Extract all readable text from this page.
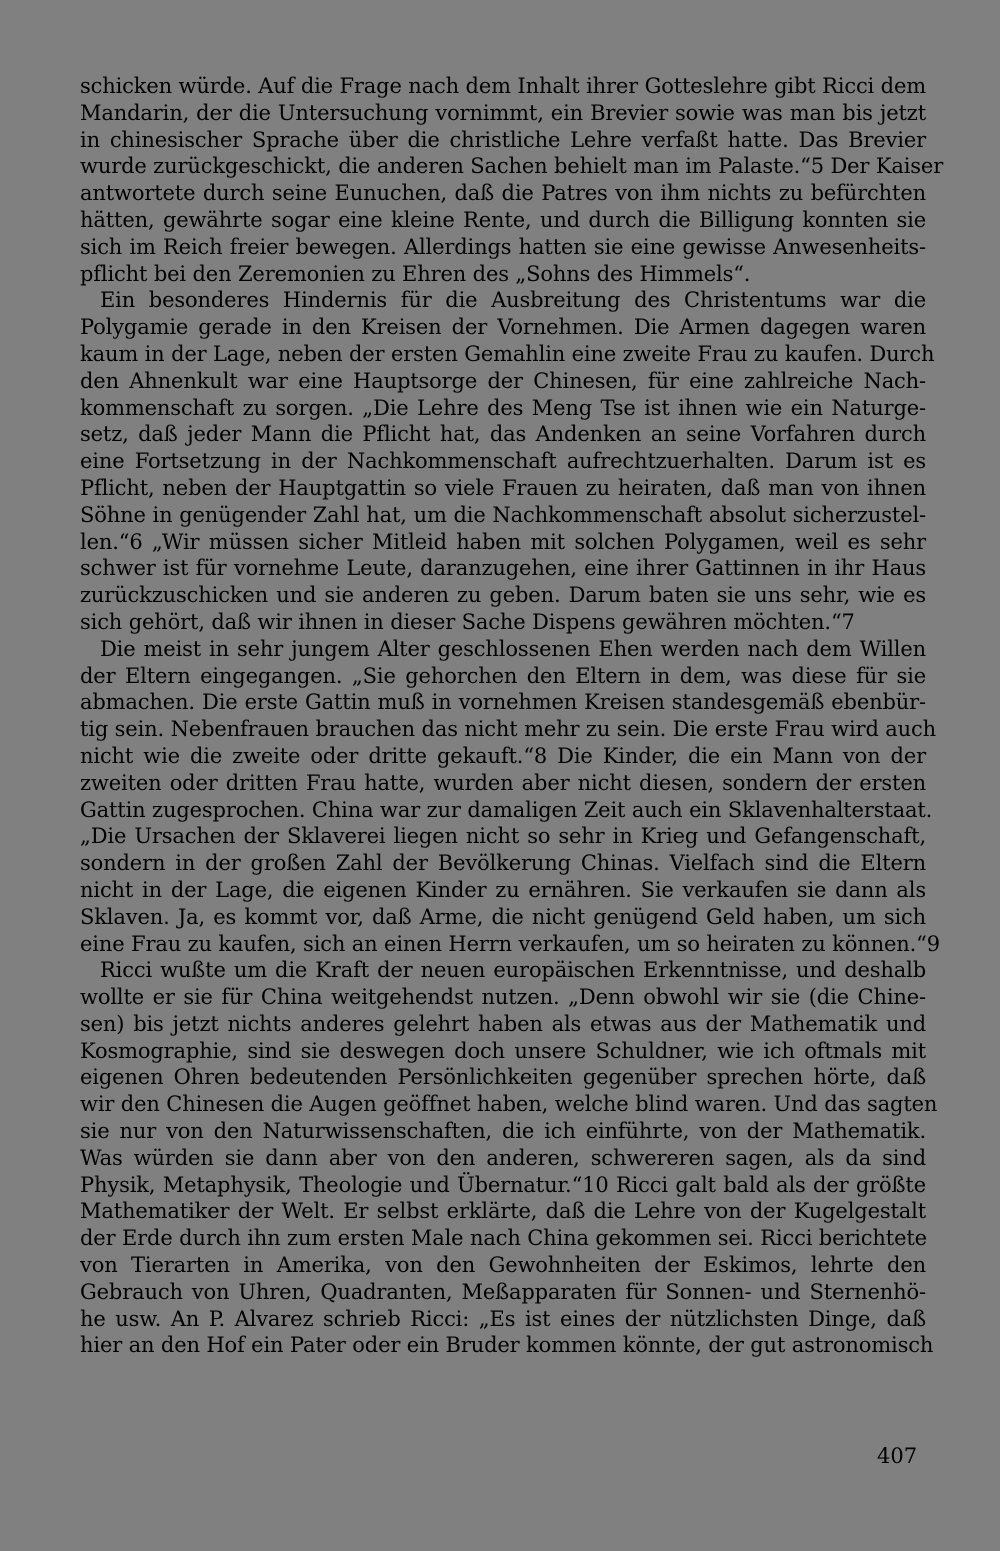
schicken würde. Auf die Frage nach dem Inhalt ihrer Gotteslehre gibt Ricci dem
Mandarin, der die Untersuchung vornimmt, ein Brevier sowie was man bis jetzt
in chinesischer Sprache über die christliche Lehre verfaßt hatte. Das Brevier
wurde zurückgeschickt, die anderen Sachen behielt man im Palaste.“5 Der Kaiser
antwortete durch seine Eunuchen, daß die Patres von ihm nichts zu befürchten
hätten, gewährte sogar eine kleine Rente, und durch die Billigung konnten sie
sich im Reich freier bewegen. Allerdings hatten sie eine gewisse Anwesenheits-
pflicht bei den Zeremonien zu Ehren des „Sohns des Himmels“.
Ein besonderes Hindernis für die Ausbreitung des Christentums war die
Polygamie gerade in den Kreisen der Vornehmen. Die Armen dagegen waren
kaum in der Lage, neben der ersten Gemahlin eine zweite Frau zu kaufen. Durch
den Ahnenkult war eine Hauptsorge der Chinesen, für eine zahlreiche Nach-
kommenschaft zu sorgen. „Die Lehre des Meng Tse ist ihnen wie ein Naturge-
setz, daß jeder Mann die Pflicht hat, das Andenken an seine Vorfahren durch
eine Fortsetzung in der Nachkommenschaft aufrechtzuerhalten. Darum ist es
Pflicht, neben der Hauptgattin so viele Frauen zu heiraten, daß man von ihnen
Söhne in genügender Zahl hat, um die Nachkommenschaft absolut sicherzustel-
len.“6 „Wir müssen sicher Mitleid haben mit solchen Polygamen, weil es sehr
schwer ist für vornehme Leute, daranzugehen, eine ihrer Gattinnen in ihr Haus
zurückzuschicken und sie anderen zu geben. Darum baten sie uns sehr, wie es
sich gehört, daß wir ihnen in dieser Sache Dispens gewähren möchten.“7
Die meist in sehr jungem Alter geschlossenen Ehen werden nach dem Willen
der Eltern eingegangen. „Sie gehorchen den Eltern in dem, was diese für sie
abmachen. Die erste Gattin muß in vornehmen Kreisen standesgemäß ebenbür-
tig sein. Nebenfrauen brauchen das nicht mehr zu sein. Die erste Frau wird auch
nicht wie die zweite oder dritte gekauft.“8 Die Kinder, die ein Mann von der
zweiten oder dritten Frau hatte, wurden aber nicht diesen, sondern der ersten
Gattin zugesprochen. China war zur damaligen Zeit auch ein Sklavenhalterstaat.
„Die Ursachen der Sklaverei liegen nicht so sehr in Krieg und Gefangenschaft,
sondern in der großen Zahl der Bevölkerung Chinas. Vielfach sind die Eltern
nicht in der Lage, die eigenen Kinder zu ernähren. Sie verkaufen sie dann als
Sklaven. Ja, es kommt vor, daß Arme, die nicht genügend Geld haben, um sich
eine Frau zu kaufen, sich an einen Herrn verkaufen, um so heiraten zu können.“9
Ricci wußte um die Kraft der neuen europäischen Erkenntnisse, und deshalb
wollte er sie für China weitgehendst nutzen. „Denn obwohl wir sie (die Chine-
sen) bis jetzt nichts anderes gelehrt haben als etwas aus der Mathematik und
Kosmographie, sind sie deswegen doch unsere Schuldner, wie ich oftmals mit
eigenen Ohren bedeutenden Persönlichkeiten gegenüber sprechen hörte, daß
wir den Chinesen die Augen geöffnet haben, welche blind waren. Und das sagten
sie nur von den Naturwissenschaften, die ich einführte, von der Mathematik.
Was würden sie dann aber von den anderen, schwereren sagen, als da sind
Physik, Metaphysik, Theologie und Übernatur.“10 Ricci galt bald als der größte
Mathematiker der Welt. Er selbst erklärte, daß die Lehre von der Kugelgestalt
der Erde durch ihn zum ersten Male nach China gekommen sei. Ricci berichtete
von Tierarten in Amerika, von den Gewohnheiten der Eskimos, lehrte den
Gebrauch von Uhren, Quadranten, Meßapparaten für Sonnen- und Sternenhö-
he usw. An P. Alvarez schrieb Ricci: „Es ist eines der nützlichsten Dinge, daß
hier an den Hof ein Pater oder ein Bruder kommen könnte, der gut astronomisch
407
